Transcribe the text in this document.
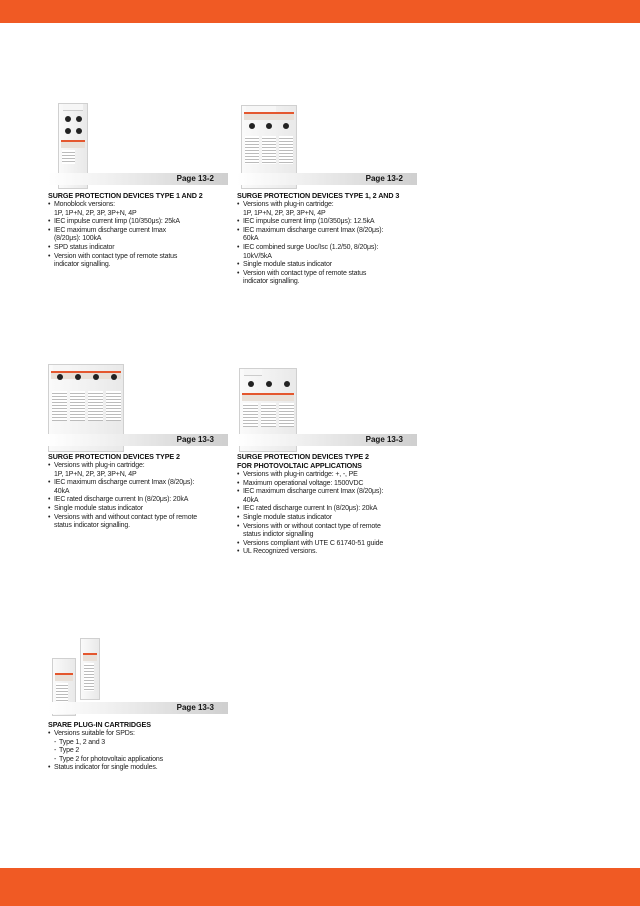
Page 13-2
SURGE PROTECTION DEVICES TYPE 1 AND 2
• Monoblock versions:
1P, 1P+N, 2P, 3P, 3P+N, 4P
• IEC impulse current Iimp (10/350μs): 25kA
• IEC maximum discharge current Imax
(8/20μs): 100kA
• SPD status indicator
• Version with contact type of remote status
indicator signalling.
Page 13-2
SURGE PROTECTION DEVICES TYPE 1, 2 AND 3
• Versions with plug-in cartridge:
1P, 1P+N, 2P, 3P, 3P+N, 4P
• IEC impulse current Iimp (10/350μs): 12.5kA
• IEC maximum discharge current Imax (8/20μs):
60kA
• IEC combined surge Uoc/Isc (1.2/50, 8/20μs):
10kV/5kA
• Single module status indicator
• Version with contact type of remote status
indicator signalling.
Page 13-3
SURGE PROTECTION DEVICES TYPE 2
• Versions with plug-in cartridge:
1P, 1P+N, 2P, 3P, 3P+N, 4P
• IEC maximum discharge current Imax (8/20μs):
40kA
• IEC rated discharge current In (8/20μs): 20kA
• Single module status indicator
• Versions with and without contact type of remote
status indicator signalling.
Page 13-3
SURGE PROTECTION DEVICES TYPE 2
FOR PHOTOVOLTAIC APPLICATIONS
• Versions with plug-in cartridge: +, -, PE
• Maximum operational voltage: 1500VDC
• IEC maximum discharge current Imax (8/20μs):
40kA
• IEC rated discharge current In (8/20μs): 20kA
• Single module status indicator
• Versions with or without contact type of remote
status indictor signalling
• Versions compliant with UTE C 61740-51 guide
• UL Recognized versions.
Page 13-3
SPARE PLUG-IN CARTRIDGES
• Versions suitable for SPDs:
- Type 1, 2 and 3
- Type 2
- Type 2 for photovoltaic applications
• Status indicator for single modules.
